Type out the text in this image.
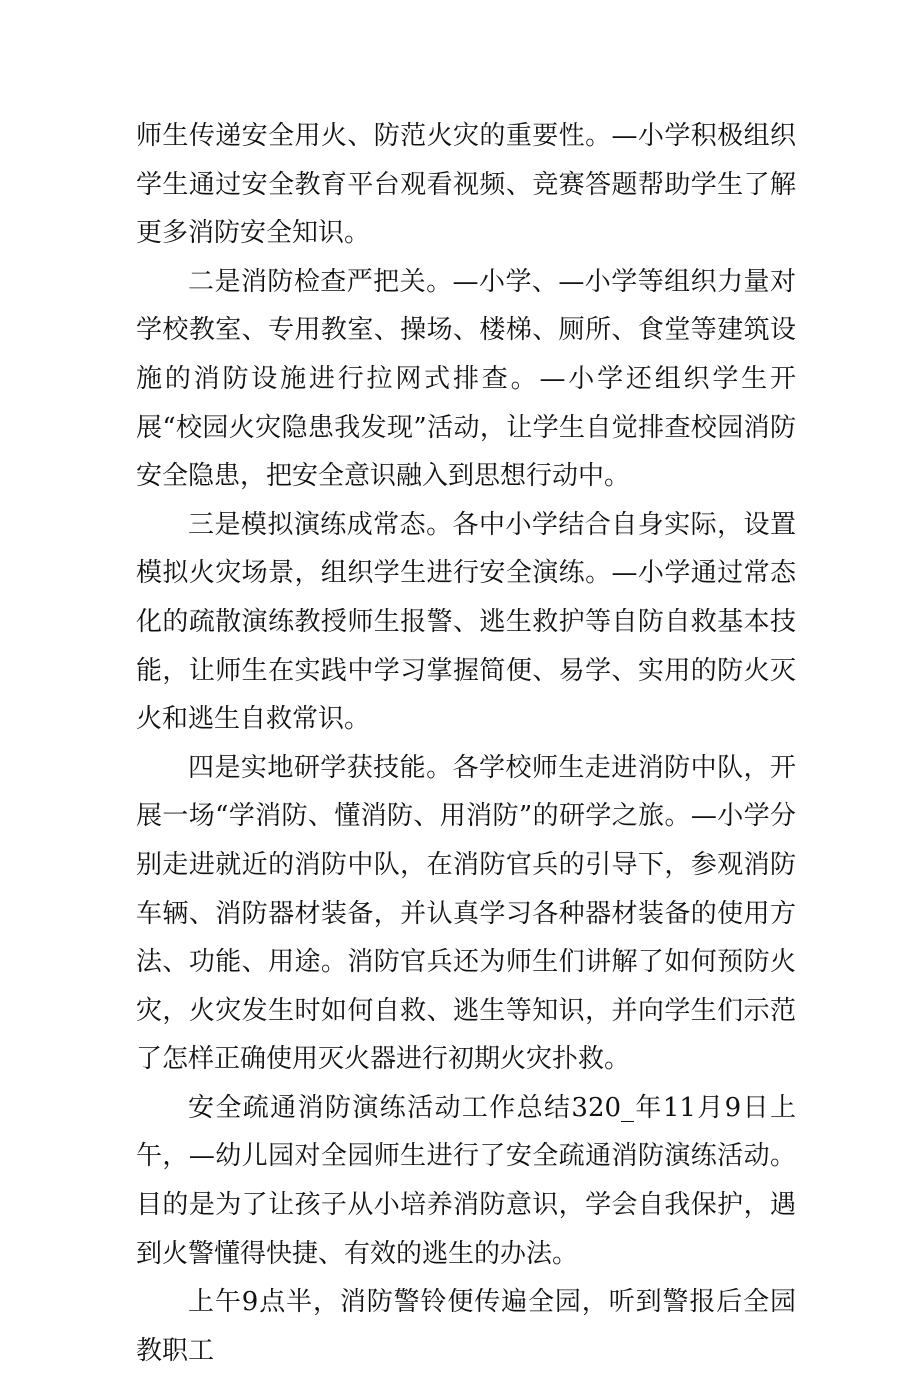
师生传递安全用火、防范火灾的重要性。—小学积极组织学生通过安全教育平台观看视频、竞赛答题帮助学生了解更多消防安全知识。

二是消防检查严把关。—小学、—小学等组织力量对学校教室、专用教室、操场、楼梯、厕所、食堂等建筑设施的消防设施进行拉网式排查。—小学还组织学生开展“校园火灾隐患我发现”活动，让学生自觉排查校园消防安全隐患，把安全意识融入到思想行动中。

三是模拟演练成常态。各中小学结合自身实际，设置模拟火灾场景，组织学生进行安全演练。—小学通过常态化的疏散演练教授师生报警、逃生救护等自防自救基本技能，让师生在实践中学习掌握简便、易学、实用的防火灭火和逃生自救常识。

四是实地研学获技能。各学校师生走进消防中队，开展一场“学消防、懂消防、用消防”的研学之旅。—小学分别走进就近的消防中队，在消防官兵的引导下，参观消防车辆、消防器材装备，并认真学习各种器材装备的使用方法、功能、用途。消防官兵还为师生们讲解了如何预防火灾，火灾发生时如何自救、逃生等知识，并向学生们示范了怎样正确使用灭火器进行初期火灾扑救。

安全疏通消防演练活动工作总结320_年11月9日上午，—幼儿园对全园师生进行了安全疏通消防演练活动。目的是为了让孩子从小培养消防意识，学会自我保护，遇到火警懂得快捷、有效的逃生的办法。

上午9点半，消防警铃便传遍全园，听到警报后全园教职工
